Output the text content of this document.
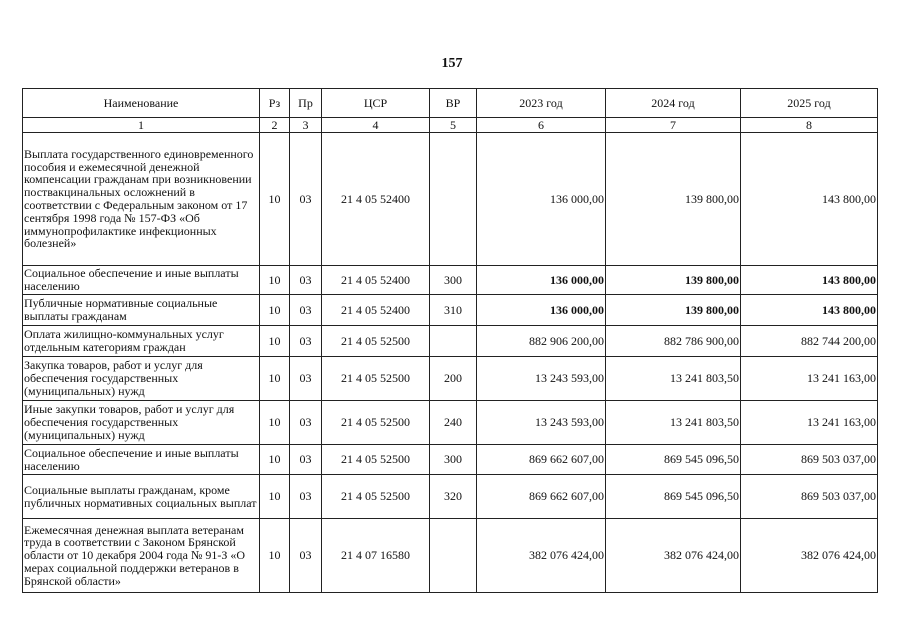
157
Наименование	Рз	Пр	ЦСР	ВР	2023 год	2024 год	2025 год
1	2	3	4	5	6	7	8
Выплата государственного единовременного пособия и ежемесячной денежной компенсации гражданам при возникновении поствакцинальных осложнений в соответствии с Федеральным законом от 17 сентября 1998 года № 157-ФЗ «Об иммунопрофилактике инфекционных болезней»	10	03	21 4 05 52400		136 000,00	139 800,00	143 800,00
Социальное обеспечение и иные выплаты населению	10	03	21 4 05 52400	300	136 000,00	139 800,00	143 800,00
Публичные нормативные социальные выплаты гражданам	10	03	21 4 05 52400	310	136 000,00	139 800,00	143 800,00
Оплата жилищно-коммунальных услуг отдельным категориям граждан	10	03	21 4 05 52500		882 906 200,00	882 786 900,00	882 744 200,00
Закупка товаров, работ и услуг для обеспечения государственных (муниципальных) нужд	10	03	21 4 05 52500	200	13 243 593,00	13 241 803,50	13 241 163,00
Иные закупки товаров, работ и услуг для обеспечения государственных (муниципальных) нужд	10	03	21 4 05 52500	240	13 243 593,00	13 241 803,50	13 241 163,00
Социальное обеспечение и иные выплаты населению	10	03	21 4 05 52500	300	869 662 607,00	869 545 096,50	869 503 037,00
Социальные выплаты гражданам, кроме публичных нормативных социальных выплат	10	03	21 4 05 52500	320	869 662 607,00	869 545 096,50	869 503 037,00
Ежемесячная денежная выплата ветеранам труда в соответствии с Законом Брянской области от 10 декабря 2004 года № 91-З «О мерах социальной поддержки ветеранов в Брянской области»	10	03	21 4 07 16580		382 076 424,00	382 076 424,00	382 076 424,00
